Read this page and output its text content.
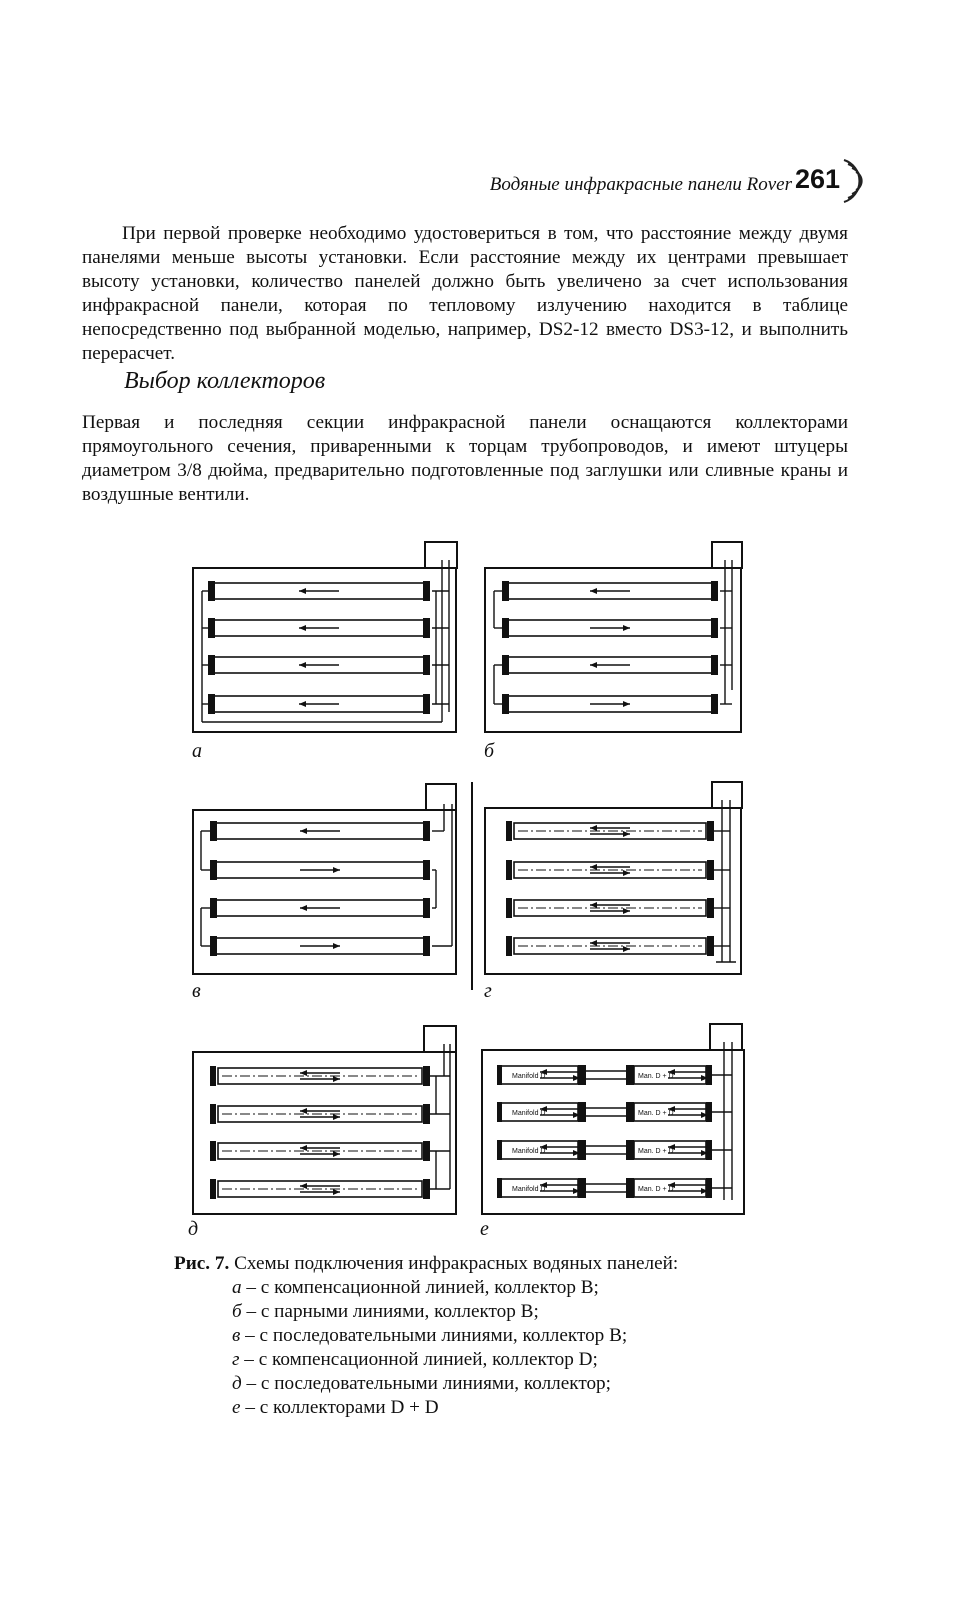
Водяные инфракрасные панели Rover 261
При первой проверке необходимо удостовериться в том, что расстояние между двумя панелями меньше высоты установки. Если расстояние между их центрами превышает высоту установки, количество панелей должно быть увеличено за счет использования инфракрасной панели, которая по тепловому излучению находится в таблице непосредственно под выбранной моделью, например, DS2-12 вместо DS3-12, и выполнить перерасчет.
Выбор коллекторов
Первая и последняя секции инфракрасной панели оснащаются коллекторами прямоугольного сечения, приваренными к торцам трубопроводов, и имеют штуцеры диаметром 3/8 дюйма, предварительно подготовленные под заглушки или сливные краны и воздушные вентили.
Manifold D	Man. D + D
Manifold D	Man. D + D
Manifold D	Man. D + D
Manifold D	Man. D + D
а	б
в	г
д	е
Рис. 7. Схемы подключения инфракрасных водяных панелей:
а – с компенсационной линией, коллектор В;
б – с парными линиями, коллектор В;
в – с последовательными линиями, коллектор В;
г – с компенсационной линией, коллектор D;
д – с последовательными линиями, коллектор;
е – с коллекторами D + D
